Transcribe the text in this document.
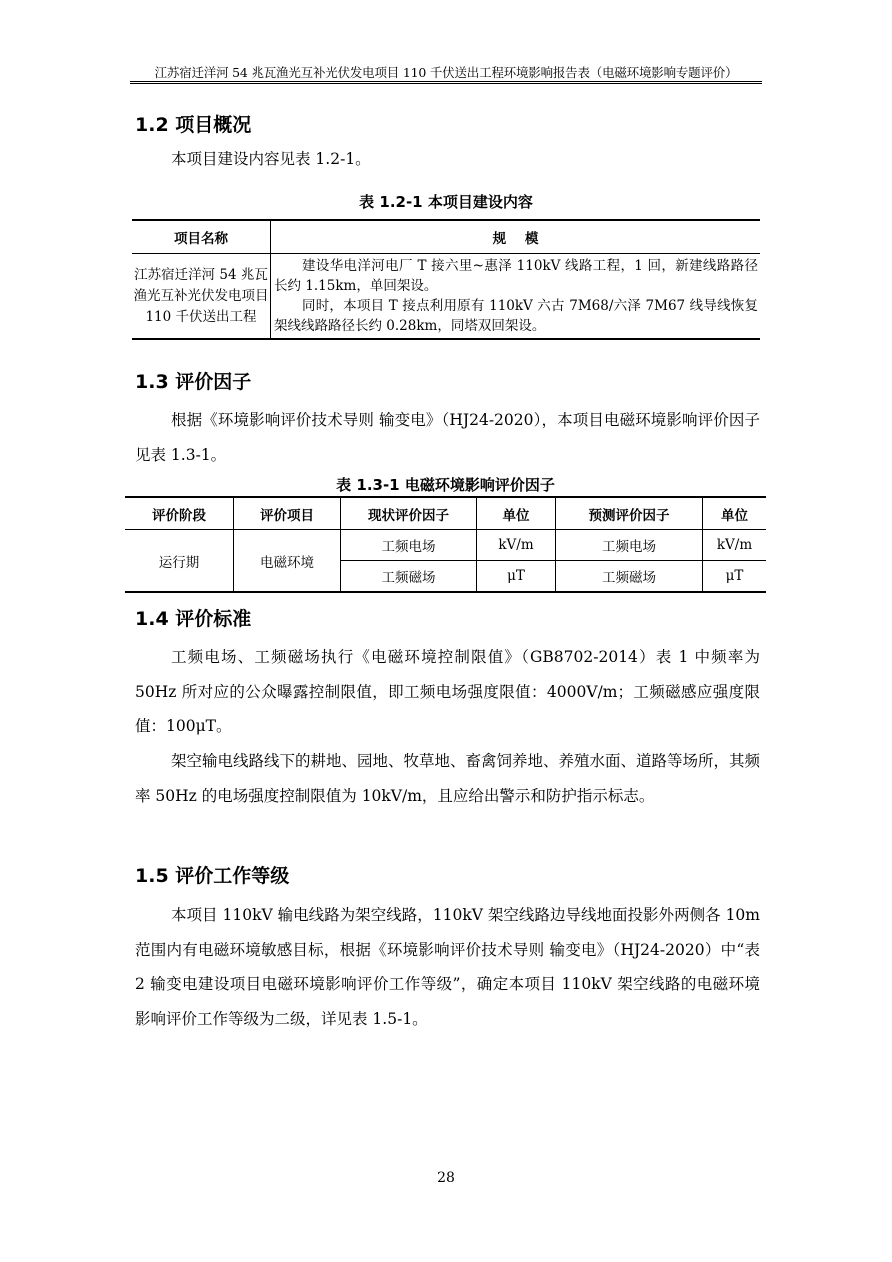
江苏宿迁洋河 54 兆瓦渔光互补光伏发电项目 110 千伏送出工程环境影响报告表（电磁环境影响专题评价）
1.2 项目概况
本项目建设内容见表 1.2-1。
表 1.2-1 本项目建设内容
项目名称	规    模
江苏宿迁洋河 54 兆瓦渔光互补光伏发电项目 110 千伏送出工程	建设华电洋河电厂 T 接六里~惠泽 110kV 线路工程，1 回，新建线路路径长约 1.15km，单回架设。

同时，本项目 T 接点利用原有 110kV 六古 7M68/六泽 7M67 线导线恢复架线线路路径长约 0.28km，同塔双回架设。

1.3 评价因子
根据《环境影响评价技术导则 输变电》（HJ24-2020），本项目电磁环境影响评价因子见表 1.3-1。
表 1.3-1 电磁环境影响评价因子
评价阶段	评价项目	现状评价因子	单位	预测评价因子	单位
运行期	电磁环境	工频电场	kV/m	工频电场	kV/m
		工频磁场	μT	工频磁场	μT
1.4 评价标准
工频电场、工频磁场执行《电磁环境控制限值》（GB8702-2014）表 1 中频率为 50Hz 所对应的公众曝露控制限值，即工频电场强度限值：4000V/m；工频磁感应强度限值：100μT。
架空输电线路线下的耕地、园地、牧草地、畜禽饲养地、养殖水面、道路等场所，其频率 50Hz 的电场强度控制限值为 10kV/m，且应给出警示和防护指示标志。
1.5 评价工作等级
本项目 110kV 输电线路为架空线路，110kV 架空线路边导线地面投影外两侧各 10m 范围内有电磁环境敏感目标，根据《环境影响评价技术导则 输变电》（HJ24-2020）中“表 2 输变电建设项目电磁环境影响评价工作等级”，确定本项目 110kV 架空线路的电磁环境影响评价工作等级为二级，详见表 1.5-1。
28
